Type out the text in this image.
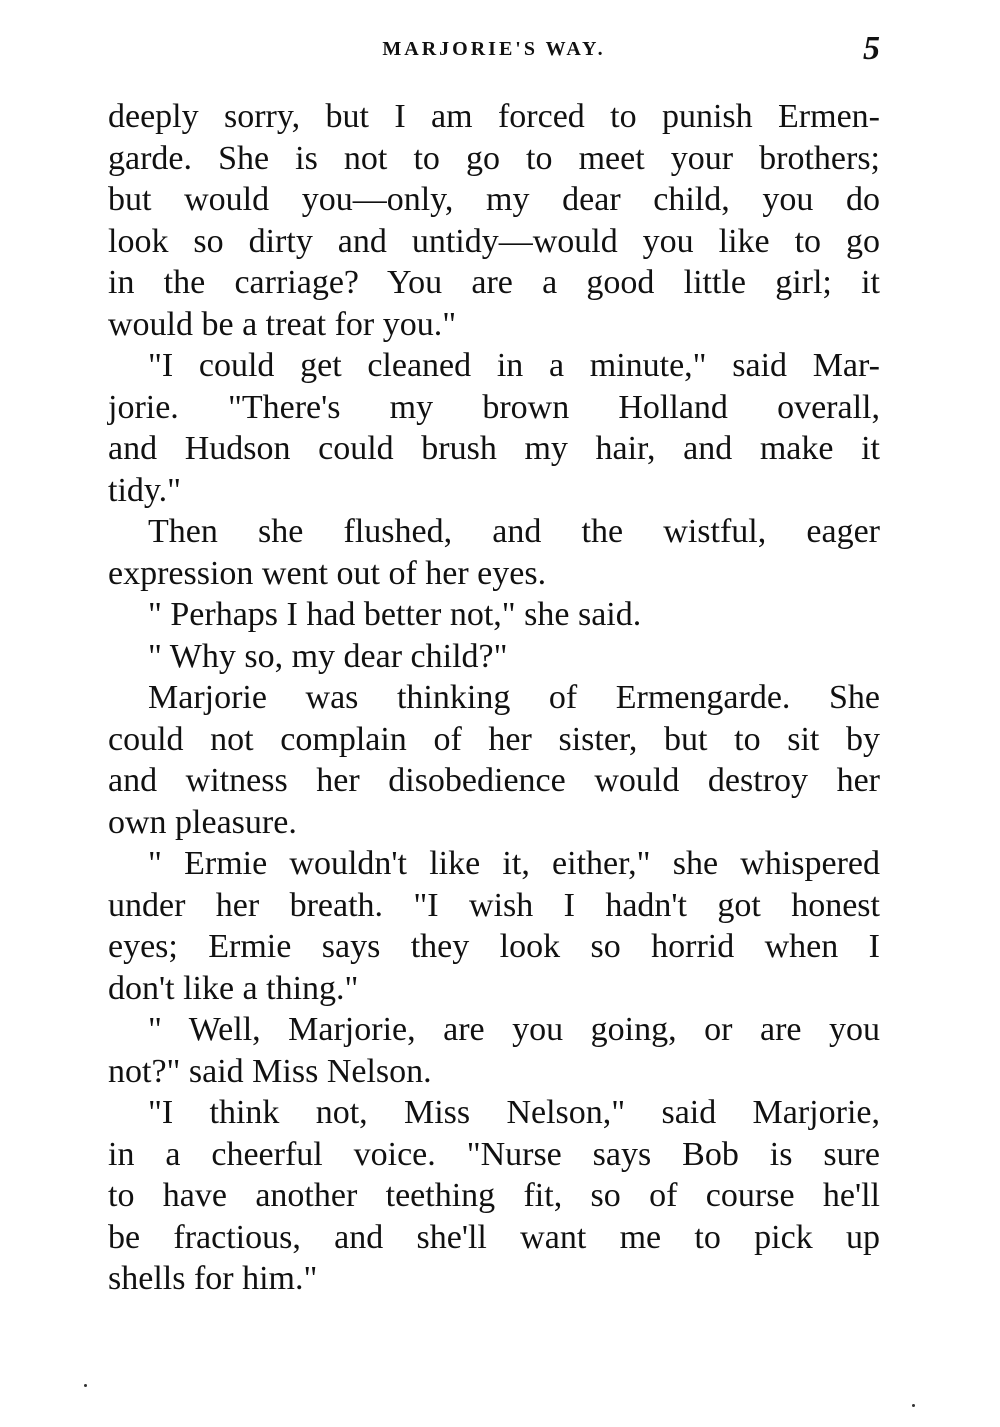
MARJORIE'S WAY.	5
deeply sorry, but I am forced to punish Ermen-
garde. She is not to go to meet your brothers;
but would you—only, my dear child, you do
look so dirty and untidy—would you like to go
in the carriage? You are a good little girl; it
would be a treat for you."
"I could get cleaned in a minute," said Mar-
jorie. "There's my brown Holland overall,
and Hudson could brush my hair, and make it
tidy."
Then she flushed, and the wistful, eager
expression went out of her eyes.
" Perhaps I had better not," she said.
" Why so, my dear child?"
Marjorie was thinking of Ermengarde. She
could not complain of her sister, but to sit by
and witness her disobedience would destroy her
own pleasure.
" Ermie wouldn't like it, either," she whispered
under her breath. "I wish I hadn't got honest
eyes; Ermie says they look so horrid when I
don't like a thing."
" Well, Marjorie, are you going, or are you
not?" said Miss Nelson.
"I think not, Miss Nelson," said Marjorie,
in a cheerful voice. "Nurse says Bob is sure
to have another teething fit, so of course he'll
be fractious, and she'll want me to pick up
shells for him."
